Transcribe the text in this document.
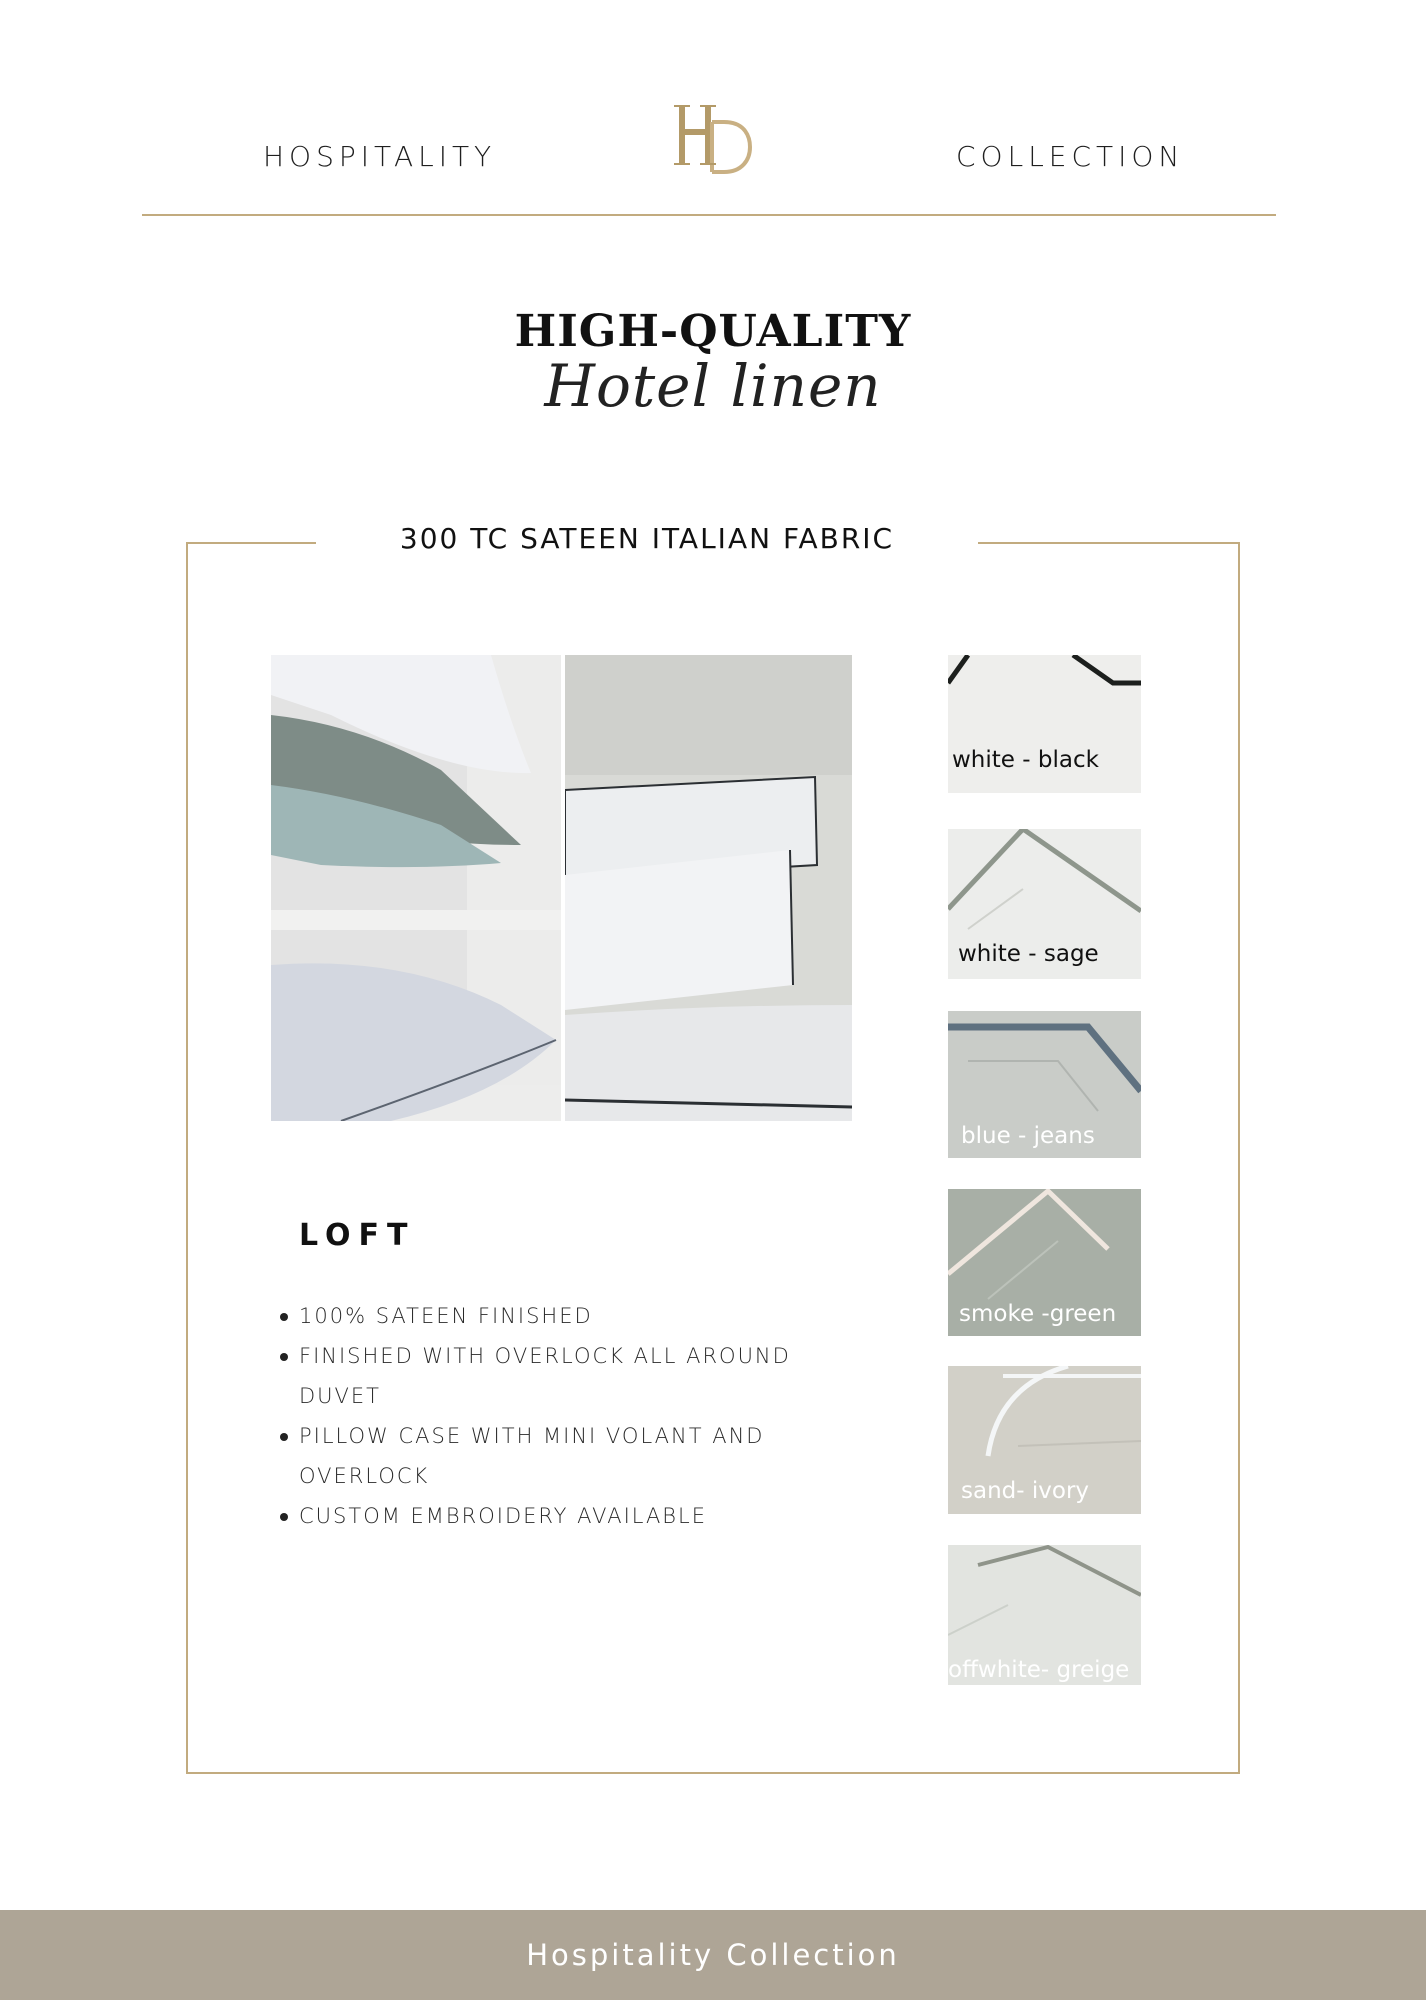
HOSPITALITY	COLLECTION
HIGH-QUALITY
Hotel linen
300 TC SATEEN ITALIAN FABRIC
LOFT
100% SATEEN FINISHED
FINISHED WITH OVERLOCK ALL AROUND DUVET
PILLOW CASE WITH MINI VOLANT AND OVERLOCK
CUSTOM EMBROIDERY AVAILABLE
white - black
white - sage
blue - jeans
smoke -green
sand- ivory
offwhite- greige
Hospitality Collection
